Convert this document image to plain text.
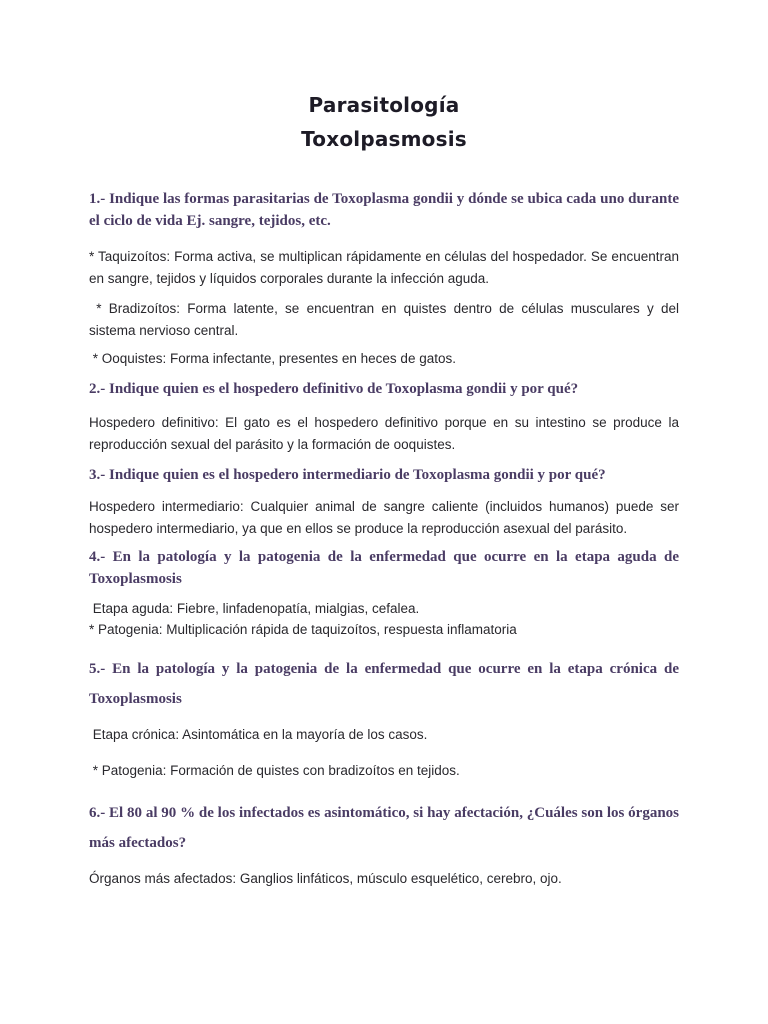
Parasitología
Toxolpasmosis

1.- Indique las formas parasitarias de Toxoplasma gondii y dónde se ubica cada uno durante el ciclo de vida Ej. sangre, tejidos, etc.

* Taquizoítos: Forma activa, se multiplican rápidamente en células del hospedador. Se encuentran en sangre, tejidos y líquidos corporales durante la infección aguda.

* Bradizoítos: Forma latente, se encuentran en quistes dentro de células musculares y del sistema nervioso central.

* Ooquistes: Forma infectante, presentes en heces de gatos.

2.- Indique quien es el hospedero definitivo de Toxoplasma gondii y por qué?

Hospedero definitivo: El gato es el hospedero definitivo porque en su intestino se produce la reproducción sexual del parásito y la formación de ooquistes.

3.- Indique quien es el hospedero intermediario de Toxoplasma gondii y por qué?

Hospedero intermediario: Cualquier animal de sangre caliente (incluidos humanos) puede ser hospedero intermediario, ya que en ellos se produce la reproducción asexual del parásito.

4.- En la patología y la patogenia de la enfermedad que ocurre en la etapa aguda de Toxoplasmosis

Etapa aguda: Fiebre, linfadenopatía, mialgias, cefalea.

* Patogenia: Multiplicación rápida de taquizoítos, respuesta inflamatoria

5.- En la patología y la patogenia de la enfermedad que ocurre en la etapa crónica de Toxoplasmosis

Etapa crónica: Asintomática en la mayoría de los casos.

* Patogenia: Formación de quistes con bradizoítos en tejidos.

6.- El 80 al 90 % de los infectados es asintomático, si hay afectación, ¿Cuáles son los órganos más afectados?

Órganos más afectados: Ganglios linfáticos, músculo esquelético, cerebro, ojo.
